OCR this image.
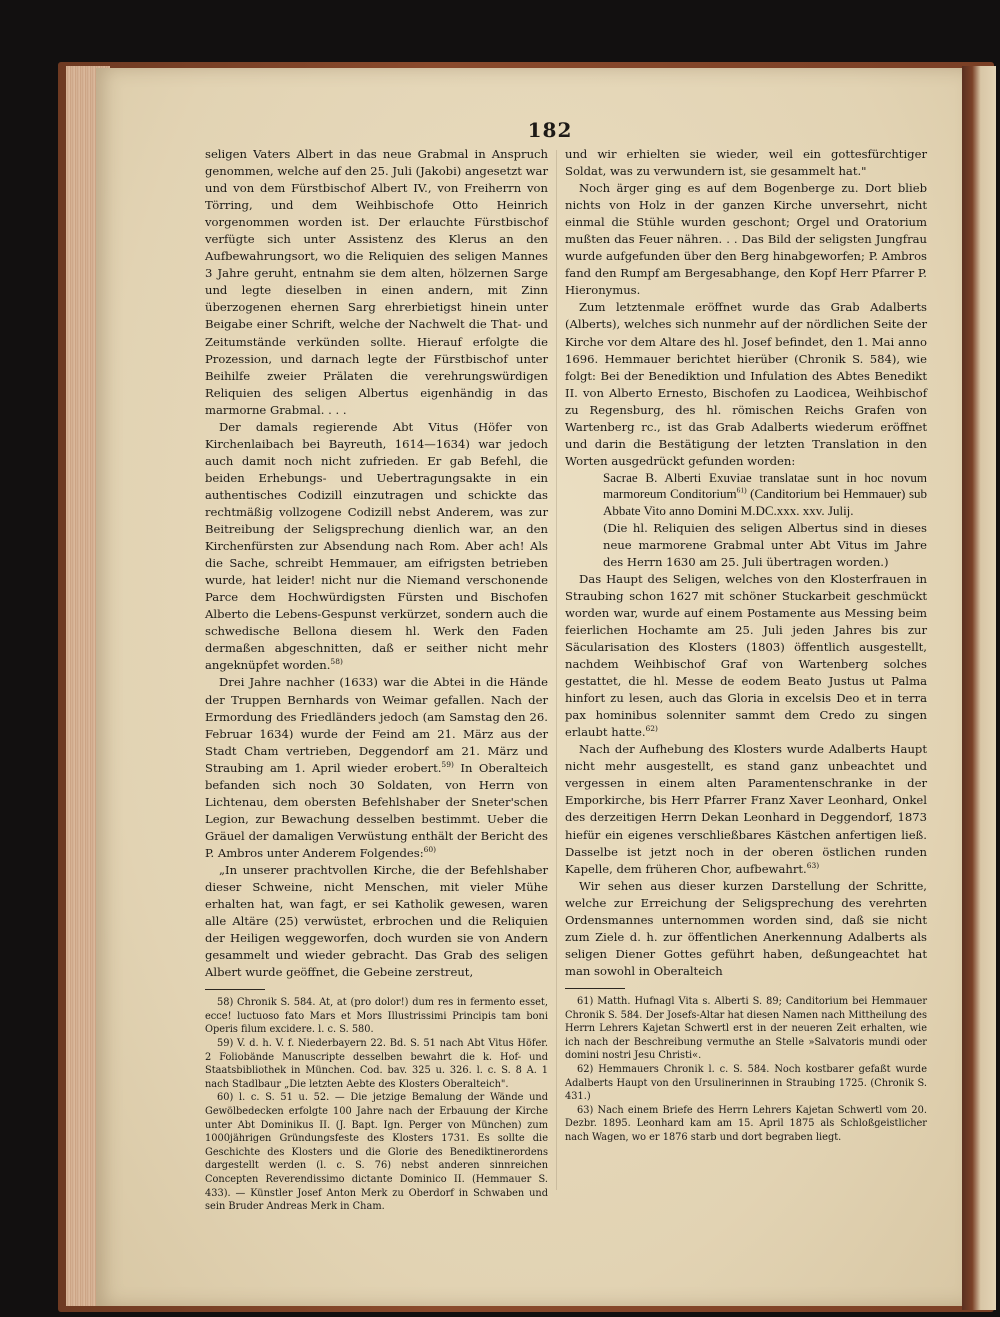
182

seligen Vaters Albert in das neue Grabmal in Anspruch genommen, welche auf den 25. Juli (Jakobi) angesetzt war und von dem Fürstbischof Albert IV., von Freiherrn von Törring, und dem Weihbischofe Otto Heinrich vorgenommen worden ist. Der erlauchte Fürstbischof verfügte sich unter Assistenz des Klerus an den Aufbewahrungsort, wo die Reliquien des seligen Mannes 3 Jahre geruht, entnahm sie dem alten, hölzernen Sarge und legte dieselben in einen andern, mit Zinn überzogenen ehernen Sarg ehrerbietigst hinein unter Beigabe einer Schrift, welche der Nachwelt die That- und Zeitumstände verkünden sollte. Hierauf erfolgte die Prozession, und darnach legte der Fürstbischof unter Beihilfe zweier Prälaten die verehrungswürdigen Reliquien des seligen Albertus eigenhändig in das marmorne Grabmal. . . .

Der damals regierende Abt Vitus (Höfer von Kirchenlaibach bei Bayreuth, 1614—1634) war jedoch auch damit noch nicht zufrieden. Er gab Befehl, die beiden Erhebungs- und Uebertragungsakte in ein authentisches Codizill einzutragen und schickte das rechtmäßig vollzogene Codizill nebst Anderem, was zur Beitreibung der Seligsprechung dienlich war, an den Kirchenfürsten zur Absendung nach Rom. Aber ach! Als die Sache, schreibt Hemmauer, am eifrigsten betrieben wurde, hat leider! nicht nur die Niemand verschonende Parce dem Hochwürdigsten Fürsten und Bischofen Alberto die Lebens-Gespunst verkürzet, sondern auch die schwedische Bellona diesem hl. Werk den Faden dermaßen abgeschnitten, daß er seither nicht mehr angeknüpfet worden.$^{58)}$

Drei Jahre nachher (1633) war die Abtei in die Hände der Truppen Bernhards von Weimar gefallen. Nach der Ermordung des Friedländers jedoch (am Samstag den 26. Februar 1634) wurde der Feind am 21. März aus der Stadt Cham vertrieben, Deggendorf am 21. März und Straubing am 1. April wieder erobert.$^{59)}$ In Oberalteich befanden sich noch 30 Soldaten, von Herrn von Lichtenau, dem obersten Befehlshaber der Sneter'schen Legion, zur Bewachung desselben bestimmt. Ueber die Gräuel der damaligen Verwüstung enthält der Bericht des P. Ambros unter Anderem Folgendes:$^{60)}$

„In unserer prachtvollen Kirche, die der Befehlshaber dieser Schweine, nicht Menschen, mit vieler Mühe erhalten hat, wan fagt, er sei Katholik gewesen, waren alle Altäre (25) verwüstet, erbrochen und die Reliquien der Heiligen weggeworfen, doch wurden sie von Andern gesammelt und wieder gebracht. Das Grab des seligen Albert wurde geöffnet, die Gebeine zerstreut,

58) Chronik S. 584. At, at (pro dolor!) dum res in fermento esset, ecce! luctuoso fato Mars et Mors Illustrissimi Principis tam boni Operis filum excidere. l. c. S. 580.

59) V. d. h. V. f. Niederbayern 22. Bd. S. 51 nach Abt Vitus Höfer. 2 Foliobände Manuscripte desselben bewahrt die k. Hof- und Staatsbibliothek in München. Cod. bav. 325 u. 326. l. c. S. 8 A. 1 nach Stadlbaur „Die letzten Aebte des Klosters Oberalteich".

60) l. c. S. 51 u. 52. — Die jetzige Bemalung der Wände und Gewölbedecken erfolgte 100 Jahre nach der Erbauung der Kirche unter Abt Dominikus II. (J. Bapt. Ign. Perger von München) zum 1000jährigen Gründungsfeste des Klosters 1731. Es sollte die Geschichte des Klosters und die Glorie des Benediktinerordens dargestellt werden (l. c. S. 76) nebst anderen sinnreichen Concepten Reverendissimo dictante Dominico II. (Hemmauer S. 433). — Künstler Josef Anton Merk zu Oberdorf in Schwaben und sein Bruder Andreas Merk in Cham.

und wir erhielten sie wieder, weil ein gottesfürchtiger Soldat, was zu verwundern ist, sie gesammelt hat."

Noch ärger ging es auf dem Bogenberge zu. Dort blieb nichts von Holz in der ganzen Kirche unversehrt, nicht einmal die Stühle wurden geschont; Orgel und Oratorium mußten das Feuer nähren. . . Das Bild der seligsten Jungfrau wurde aufgefunden über den Berg hinabgeworfen; P. Ambros fand den Rumpf am Bergesabhange, den Kopf Herr Pfarrer P. Hieronymus.

Zum letztenmale eröffnet wurde das Grab Adalberts (Alberts), welches sich nunmehr auf der nördlichen Seite der Kirche vor dem Altare des hl. Josef befindet, den 1. Mai anno 1696. Hemmauer berichtet hierüber (Chronik S. 584), wie folgt: Bei der Benediktion und Infulation des Abtes Benedikt II. von Alberto Ernesto, Bischofen zu Laodicea, Weihbischof zu Regensburg, des hl. römischen Reichs Grafen von Wartenberg rc., ist das Grab Adalberts wiederum eröffnet und darin die Bestätigung der letzten Translation in den Worten ausgedrückt gefunden worden:

Sacrae B. Alberti Exuviae translatae sunt in hoc novum marmoreum Conditorium$^{61)}$ (Canditorium bei Hemmauer) sub Abbate Vito anno Domini M.DC.xxx. xxv. Julij.

(Die hl. Reliquien des seligen Albertus sind in dieses neue marmorene Grabmal unter Abt Vitus im Jahre des Herrn 1630 am 25. Juli übertragen worden.)

Das Haupt des Seligen, welches von den Klosterfrauen in Straubing schon 1627 mit schöner Stuckarbeit geschmückt worden war, wurde auf einem Postamente aus Messing beim feierlichen Hochamte am 25. Juli jeden Jahres bis zur Säcularisation des Klosters (1803) öffentlich ausgestellt, nachdem Weihbischof Graf von Wartenberg solches gestattet, die hl. Messe de eodem Beato Justus ut Palma hinfort zu lesen, auch das Gloria in excelsis Deo et in terra pax hominibus solenniter sammt dem Credo zu singen erlaubt hatte.$^{62)}$

Nach der Aufhebung des Klosters wurde Adalberts Haupt nicht mehr ausgestellt, es stand ganz unbeachtet und vergessen in einem alten Paramentenschranke in der Emporkirche, bis Herr Pfarrer Franz Xaver Leonhard, Onkel des derzeitigen Herrn Dekan Leonhard in Deggendorf, 1873 hiefür ein eigenes verschließbares Kästchen anfertigen ließ. Dasselbe ist jetzt noch in der oberen östlichen runden Kapelle, dem früheren Chor, aufbewahrt.$^{63)}$

Wir sehen aus dieser kurzen Darstellung der Schritte, welche zur Erreichung der Seligsprechung des verehrten Ordensmannes unternommen worden sind, daß sie nicht zum Ziele d. h. zur öffentlichen Anerkennung Adalberts als seligen Diener Gottes geführt haben, deßungeachtet hat man sowohl in Oberalteich

61) Matth. Hufnagl Vita s. Alberti S. 89; Canditorium bei Hemmauer Chronik S. 584. Der Josefs-Altar hat diesen Namen nach Mittheilung des Herrn Lehrers Kajetan Schwertl erst in der neueren Zeit erhalten, wie ich nach der Beschreibung vermuthe an Stelle »Salvatoris mundi oder domini nostri Jesu Christi«.

62) Hemmauers Chronik l. c. S. 584. Noch kostbarer gefaßt wurde Adalberts Haupt von den Ursulinerinnen in Straubing 1725. (Chronik S. 431.)

63) Nach einem Briefe des Herrn Lehrers Kajetan Schwertl vom 20. Dezbr. 1895. Leonhard kam am 15. April 1875 als Schloßgeistlicher nach Wagen, wo er 1876 starb und dort begraben liegt.
